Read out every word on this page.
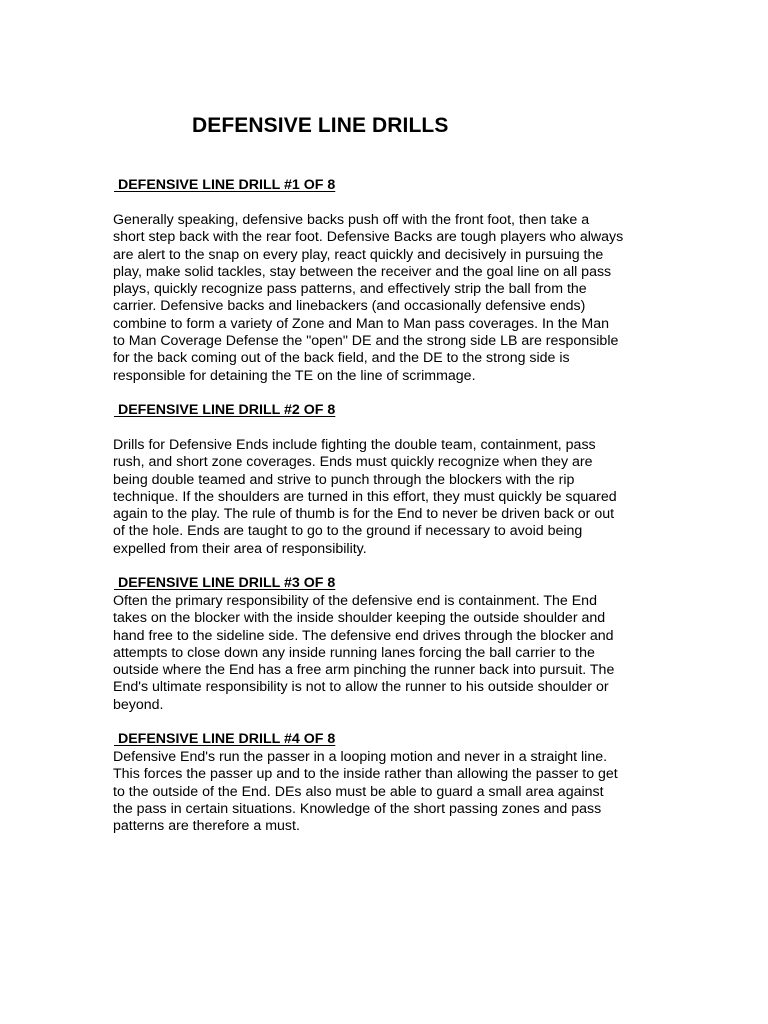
DEFENSIVE LINE DRILLS
DEFENSIVE LINE DRILL #1 OF 8

Generally speaking, defensive backs push off with the front foot, then take a
short step back with the rear foot. Defensive Backs are tough players who always
are alert to the snap on every play, react quickly and decisively in pursuing the
play, make solid tackles, stay between the receiver and the goal line on all pass
plays, quickly recognize pass patterns, and effectively strip the ball from the
carrier. Defensive backs and linebackers (and occasionally defensive ends)
combine to form a variety of Zone and Man to Man pass coverages. In the Man
to Man Coverage Defense the "open" DE and the strong side LB are responsible
for the back coming out of the back field, and the DE to the strong side is
responsible for detaining the TE on the line of scrimmage.

DEFENSIVE LINE DRILL #2 OF 8

Drills for Defensive Ends include fighting the double team, containment, pass
rush, and short zone coverages. Ends must quickly recognize when they are
being double teamed and strive to punch through the blockers with the rip
technique. If the shoulders are turned in this effort, they must quickly be squared
again to the play. The rule of thumb is for the End to never be driven back or out
of the hole. Ends are taught to go to the ground if necessary to avoid being
expelled from their area of responsibility.

DEFENSIVE LINE DRILL #3 OF 8

Often the primary responsibility of the defensive end is containment. The End
takes on the blocker with the inside shoulder keeping the outside shoulder and
hand free to the sideline side. The defensive end drives through the blocker and
attempts to close down any inside running lanes forcing the ball carrier to the
outside where the End has a free arm pinching the runner back into pursuit. The
End's ultimate responsibility is not to allow the runner to his outside shoulder or
beyond.

DEFENSIVE LINE DRILL #4 OF 8

Defensive End's run the passer in a looping motion and never in a straight line.
This forces the passer up and to the inside rather than allowing the passer to get
to the outside of the End. DEs also must be able to guard a small area against
the pass in certain situations. Knowledge of the short passing zones and pass
patterns are therefore a must.
